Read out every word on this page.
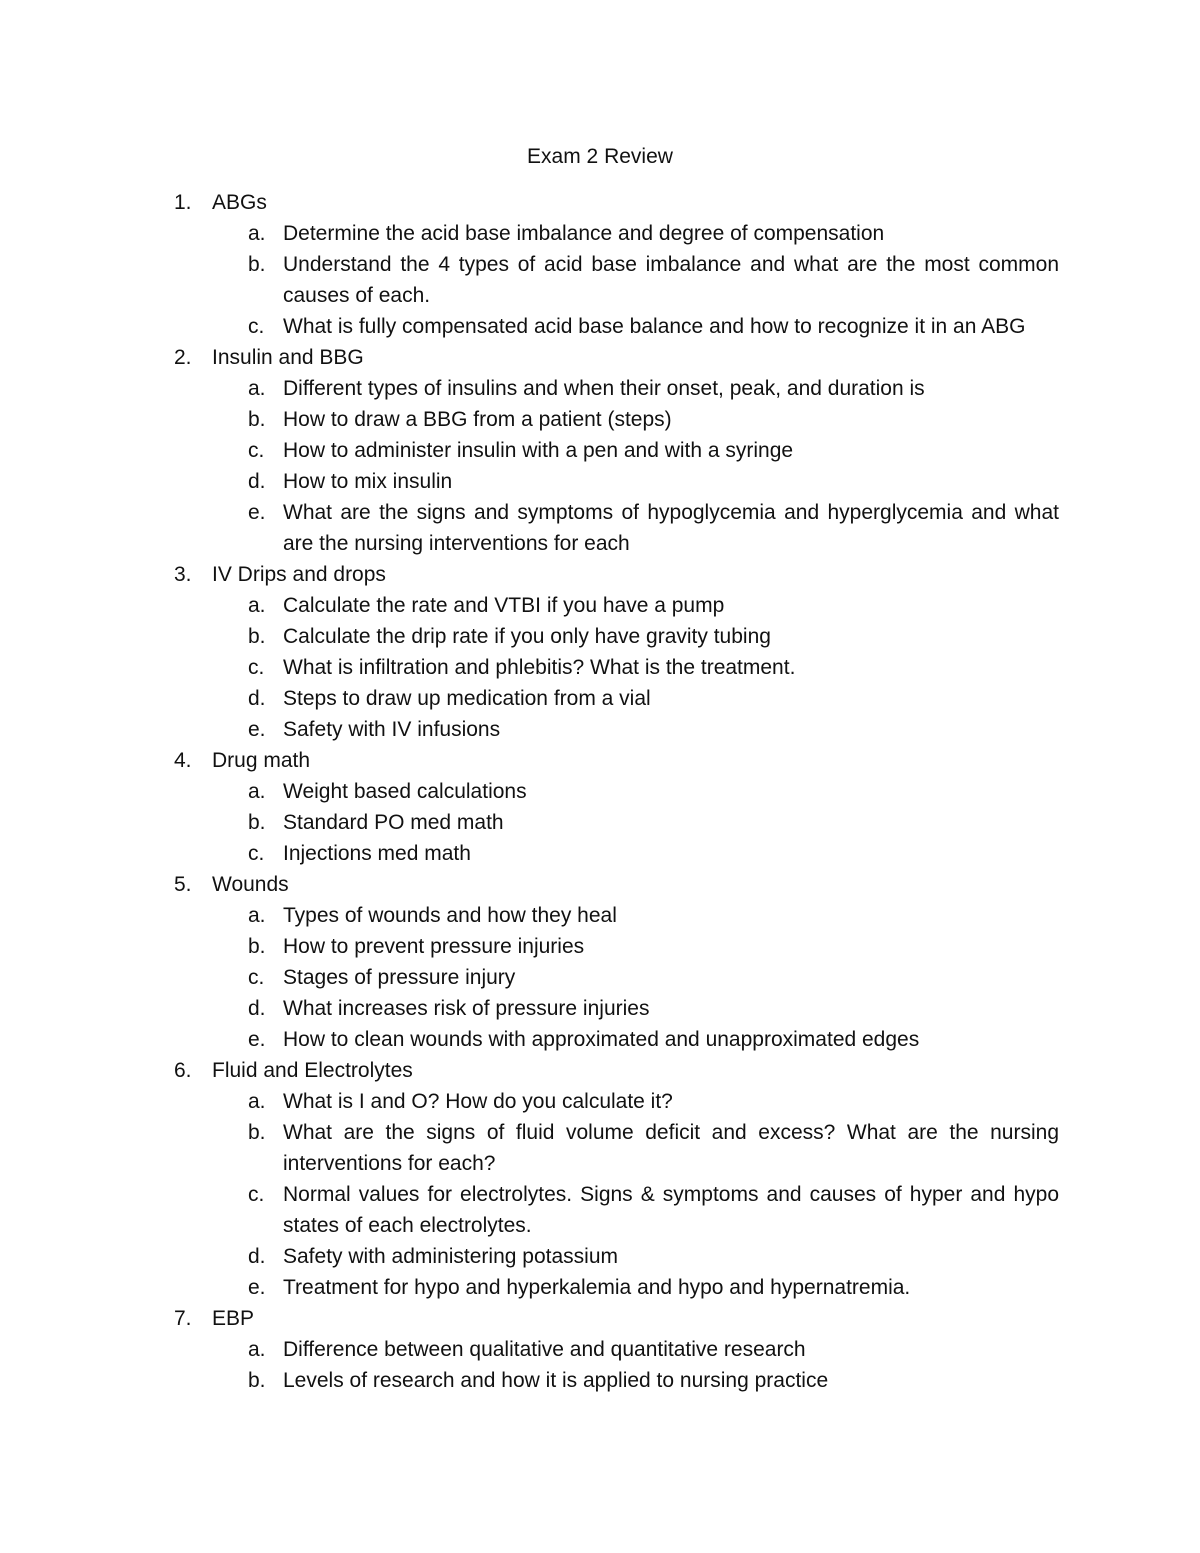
Exam 2 Review
1. ABGs
a. Determine the acid base imbalance and degree of compensation
b. Understand the 4 types of acid base imbalance and what are the most common causes of each.
c. What is fully compensated acid base balance and how to recognize it in an ABG
2. Insulin and BBG
a. Different types of insulins and when their onset, peak, and duration is
b. How to draw a BBG from a patient (steps)
c. How to administer insulin with a pen and with a syringe
d. How to mix insulin
e. What are the signs and symptoms of hypoglycemia and hyperglycemia and what are the nursing interventions for each
3. IV Drips and drops
a. Calculate the rate and VTBI if you have a pump
b. Calculate the drip rate if you only have gravity tubing
c. What is infiltration and phlebitis? What is the treatment.
d. Steps to draw up medication from a vial
e. Safety with IV infusions
4. Drug math
a. Weight based calculations
b. Standard PO med math
c. Injections med math
5. Wounds
a. Types of wounds and how they heal
b. How to prevent pressure injuries
c. Stages of pressure injury
d. What increases risk of pressure injuries
e. How to clean wounds with approximated and unapproximated edges
6. Fluid and Electrolytes
a. What is I and O? How do you calculate it?
b. What are the signs of fluid volume deficit and excess? What are the nursing interventions for each?
c. Normal values for electrolytes. Signs & symptoms and causes of hyper and hypo states of each electrolytes.
d. Safety with administering potassium
e. Treatment for hypo and hyperkalemia and hypo and hypernatremia.
7. EBP
a. Difference between qualitative and quantitative research
b. Levels of research and how it is applied to nursing practice
